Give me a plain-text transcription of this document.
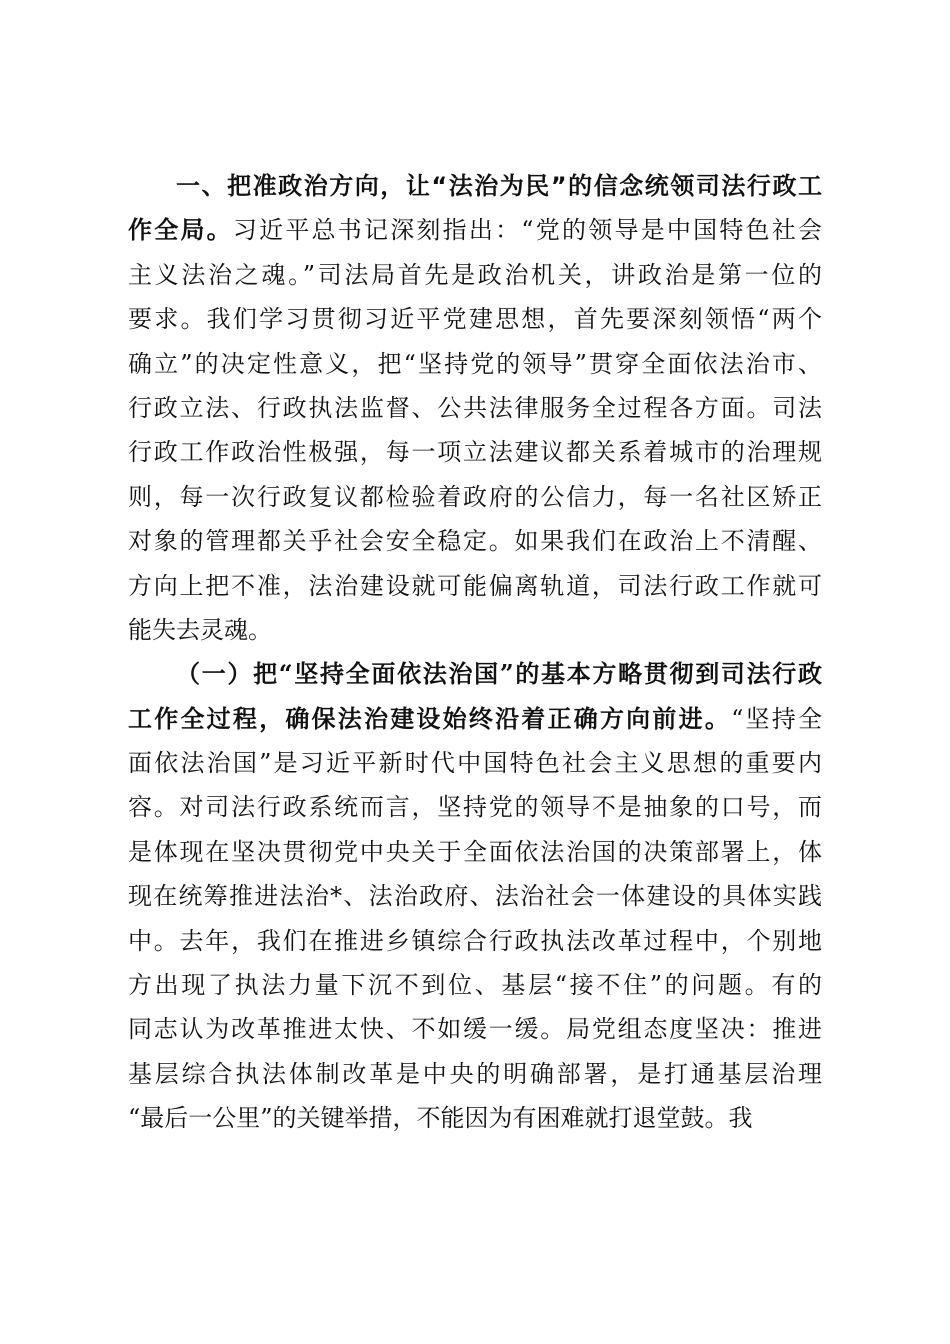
一、把准政治方向，让“法治为民”的信念统领司法行政工
作全局。习近平总书记深刻指出：“党的领导是中国特色社会
主义法治之魂。”司法局首先是政治机关，讲政治是第一位的
要求。我们学习贯彻习近平党建思想，首先要深刻领悟“两个
确立”的决定性意义，把“坚持党的领导”贯穿全面依法治市、
行政立法、行政执法监督、公共法律服务全过程各方面。司法
行政工作政治性极强，每一项立法建议都关系着城市的治理规
则，每一次行政复议都检验着政府的公信力，每一名社区矫正
对象的管理都关乎社会安全稳定。如果我们在政治上不清醒、
方向上把不准，法治建设就可能偏离轨道，司法行政工作就可
能失去灵魂。
（一）把“坚持全面依法治国”的基本方略贯彻到司法行政
工作全过程，确保法治建设始终沿着正确方向前进。“坚持全
面依法治国”是习近平新时代中国特色社会主义思想的重要内
容。对司法行政系统而言，坚持党的领导不是抽象的口号，而
是体现在坚决贯彻党中央关于全面依法治国的决策部署上，体
现在统筹推进法治*、法治政府、法治社会一体建设的具体实践
中。去年，我们在推进乡镇综合行政执法改革过程中，个别地
方出现了执法力量下沉不到位、基层“接不住”的问题。有的
同志认为改革推进太快、不如缓一缓。局党组态度坚决：推进
基层综合执法体制改革是中央的明确部署，是打通基层治理
“最后一公里”的关键举措，不能因为有困难就打退堂鼓。我
